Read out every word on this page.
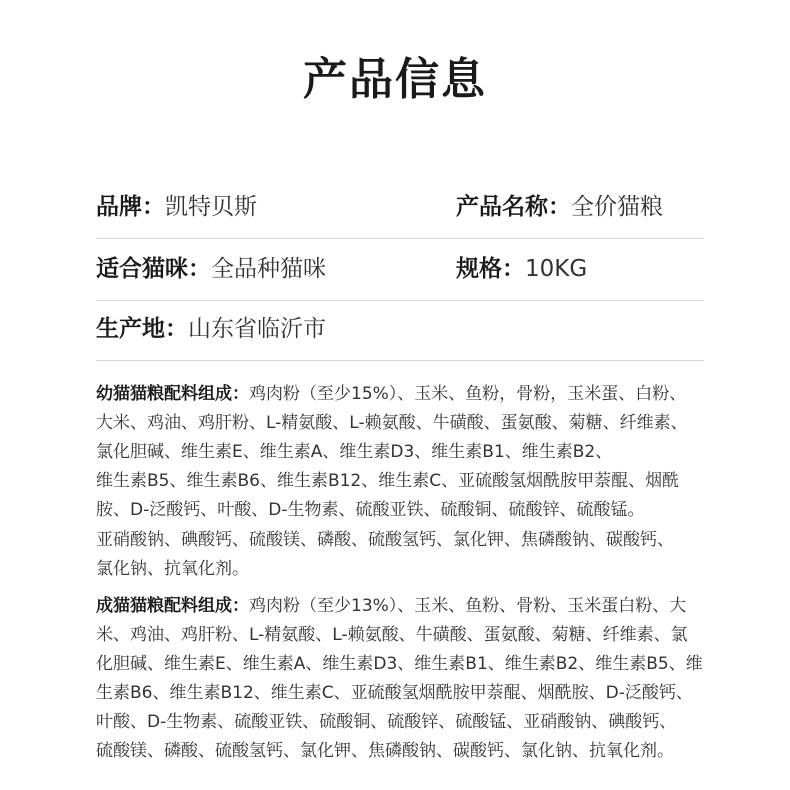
产品信息
品牌：凯特贝斯	产品名称：全价猫粮
适合猫咪：全品种猫咪	规格：10KG
生产地：山东省临沂市
幼猫猫粮配料组成：鸡肉粉（至少15%）、玉米、鱼粉，骨粉，玉米蛋、白粉、
大米、鸡油、鸡肝粉、L-精氨酸、L-赖氨酸、牛磺酸、蛋氨酸、菊糖、纤维素、
氯化胆碱、维生素E、维生素A、维生素D3、维生素B1、维生素B2、
维生素B5、维生素B6、维生素B12、维生素C、亚硫酸氢烟酰胺甲萘醌、烟酰
胺、D-泛酸钙、叶酸、D-生物素、硫酸亚铁、硫酸铜、硫酸锌、硫酸锰。
亚硝酸钠、碘酸钙、硫酸镁、磷酸、硫酸氢钙、氯化钾、焦磷酸钠、碳酸钙、
氯化钠、抗氧化剂。
成猫猫粮配料组成：鸡肉粉（至少13%）、玉米、鱼粉、骨粉、玉米蛋白粉、大
米、鸡油、鸡肝粉、L-精氨酸、L-赖氨酸、牛磺酸、蛋氨酸、菊糖、纤维素、氯
化胆碱、维生素E、维生素A、维生素D3、维生素B1、维生素B2、维生素B5、维
生素B6、维生素B12、维生素C、亚硫酸氢烟酰胺甲萘醌、烟酰胺、D-泛酸钙、
叶酸、D-生物素、硫酸亚铁、硫酸铜、硫酸锌、硫酸锰、亚硝酸钠、碘酸钙、
硫酸镁、磷酸、硫酸氢钙、氯化钾、焦磷酸钠、碳酸钙、氯化钠、抗氧化剂。
